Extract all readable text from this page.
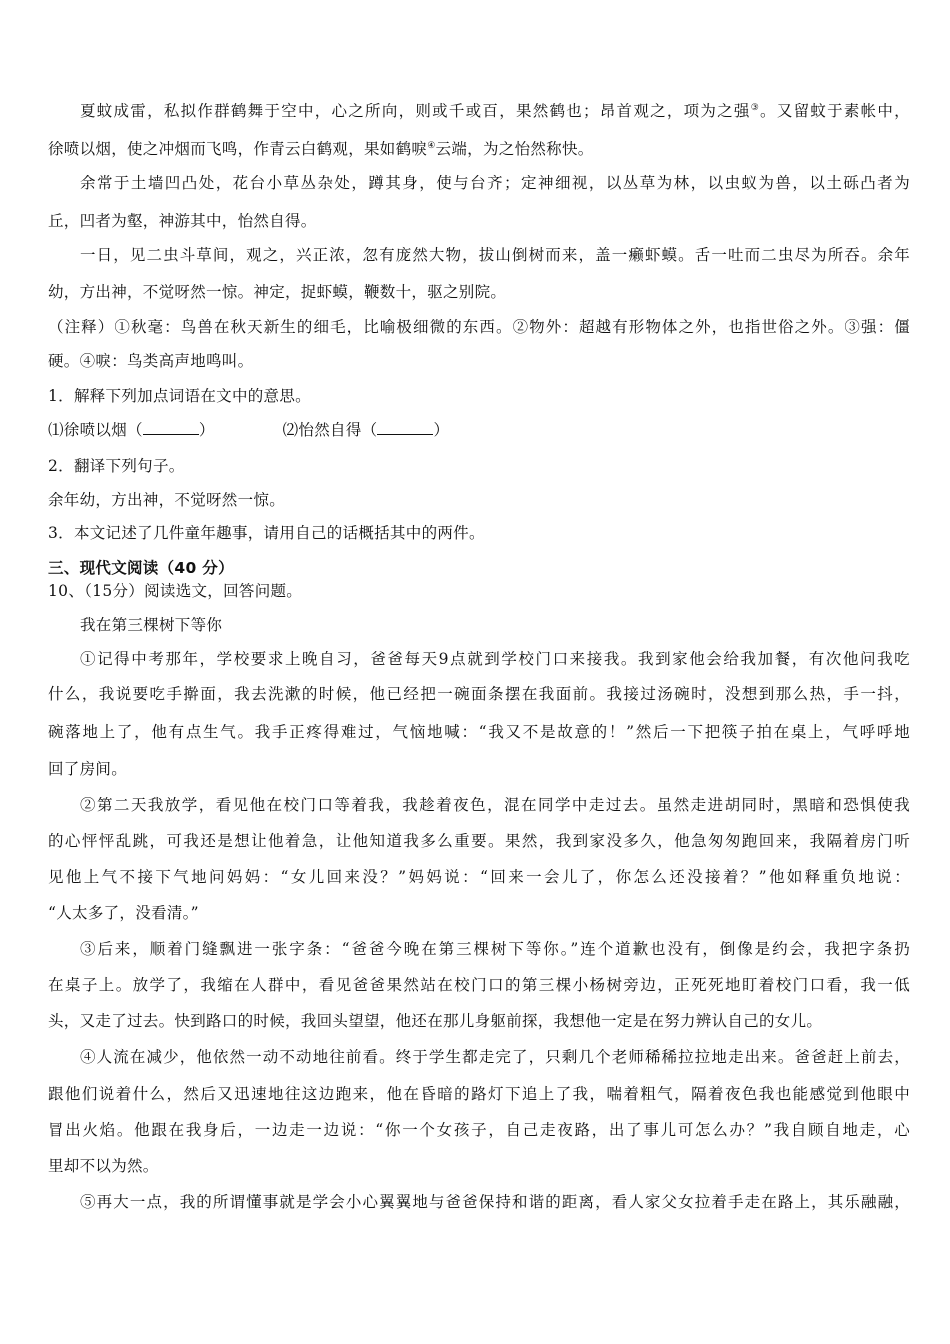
夏蚊成雷，私拟作群鹤舞于空中，心之所向，则或千或百，果然鹤也；昂首观之，项为之强③。又留蚊于素帐中，
徐喷以烟，使之冲烟而飞鸣，作青云白鹤观，果如鹤唳④云端，为之怡然称快。
余常于土墙凹凸处，花台小草丛杂处，蹲其身，使与台齐；定神细视，以丛草为林，以虫蚁为兽，以土砾凸者为
丘，凹者为壑，神游其中，怡然自得。
一日，见二虫斗草间，观之，兴正浓，忽有庞然大物，拔山倒树而来，盖一癞虾蟆。舌一吐而二虫尽为所吞。余年
幼，方出神，不觉呀然一惊。神定，捉虾蟆，鞭数十，驱之别院。
（注释）①秋毫：鸟兽在秋天新生的细毛，比喻极细微的东西。②物外：超越有形物体之外，也指世俗之外。③强：僵
硬。④唳：鸟类高声地鸣叫。
1．解释下列加点词语在文中的意思。
⑴徐喷以烟（	）	⑵怡然自得（	）
2．翻译下列句子。
余年幼，方出神，不觉呀然一惊。
3．本文记述了几件童年趣事，请用自己的话概括其中的两件。
三、现代文阅读（40 分）
10、（15分）阅读选文，回答问题。
我在第三棵树下等你
①记得中考那年，学校要求上晚自习，爸爸每天9点就到学校门口来接我。我到家他会给我加餐，有次他问我吃
什么，我说要吃手擀面，我去洗漱的时候，他已经把一碗面条摆在我面前。我接过汤碗时，没想到那么热，手一抖，
碗落地上了，他有点生气。我手正疼得难过，气恼地喊：“我又不是故意的！”然后一下把筷子拍在桌上，气呼呼地
回了房间。
②第二天我放学，看见他在校门口等着我，我趁着夜色，混在同学中走过去。虽然走进胡同时，黑暗和恐惧使我
的心怦怦乱跳，可我还是想让他着急，让他知道我多么重要。果然，我到家没多久，他急匆匆跑回来，我隔着房门听
见他上气不接下气地问妈妈：“女儿回来没？”妈妈说：“回来一会儿了，你怎么还没接着？”他如释重负地说：
“人太多了，没看清。”
③后来，顺着门缝飘进一张字条：“爸爸今晚在第三棵树下等你。”连个道歉也没有，倒像是约会，我把字条扔
在桌子上。放学了，我缩在人群中，看见爸爸果然站在校门口的第三棵小杨树旁边，正死死地盯着校门口看，我一低
头，又走了过去。快到路口的时候，我回头望望，他还在那儿身躯前探，我想他一定是在努力辨认自己的女儿。
④人流在减少，他依然一动不动地往前看。终于学生都走完了，只剩几个老师稀稀拉拉地走出来。爸爸赶上前去，
跟他们说着什么，然后又迅速地往这边跑来，他在昏暗的路灯下追上了我，喘着粗气，隔着夜色我也能感觉到他眼中
冒出火焰。他跟在我身后，一边走一边说：“你一个女孩子，自己走夜路，出了事儿可怎么办？”我自顾自地走，心
里却不以为然。
⑤再大一点，我的所谓懂事就是学会小心翼翼地与爸爸保持和谐的距离，看人家父女拉着手走在路上，其乐融融，
